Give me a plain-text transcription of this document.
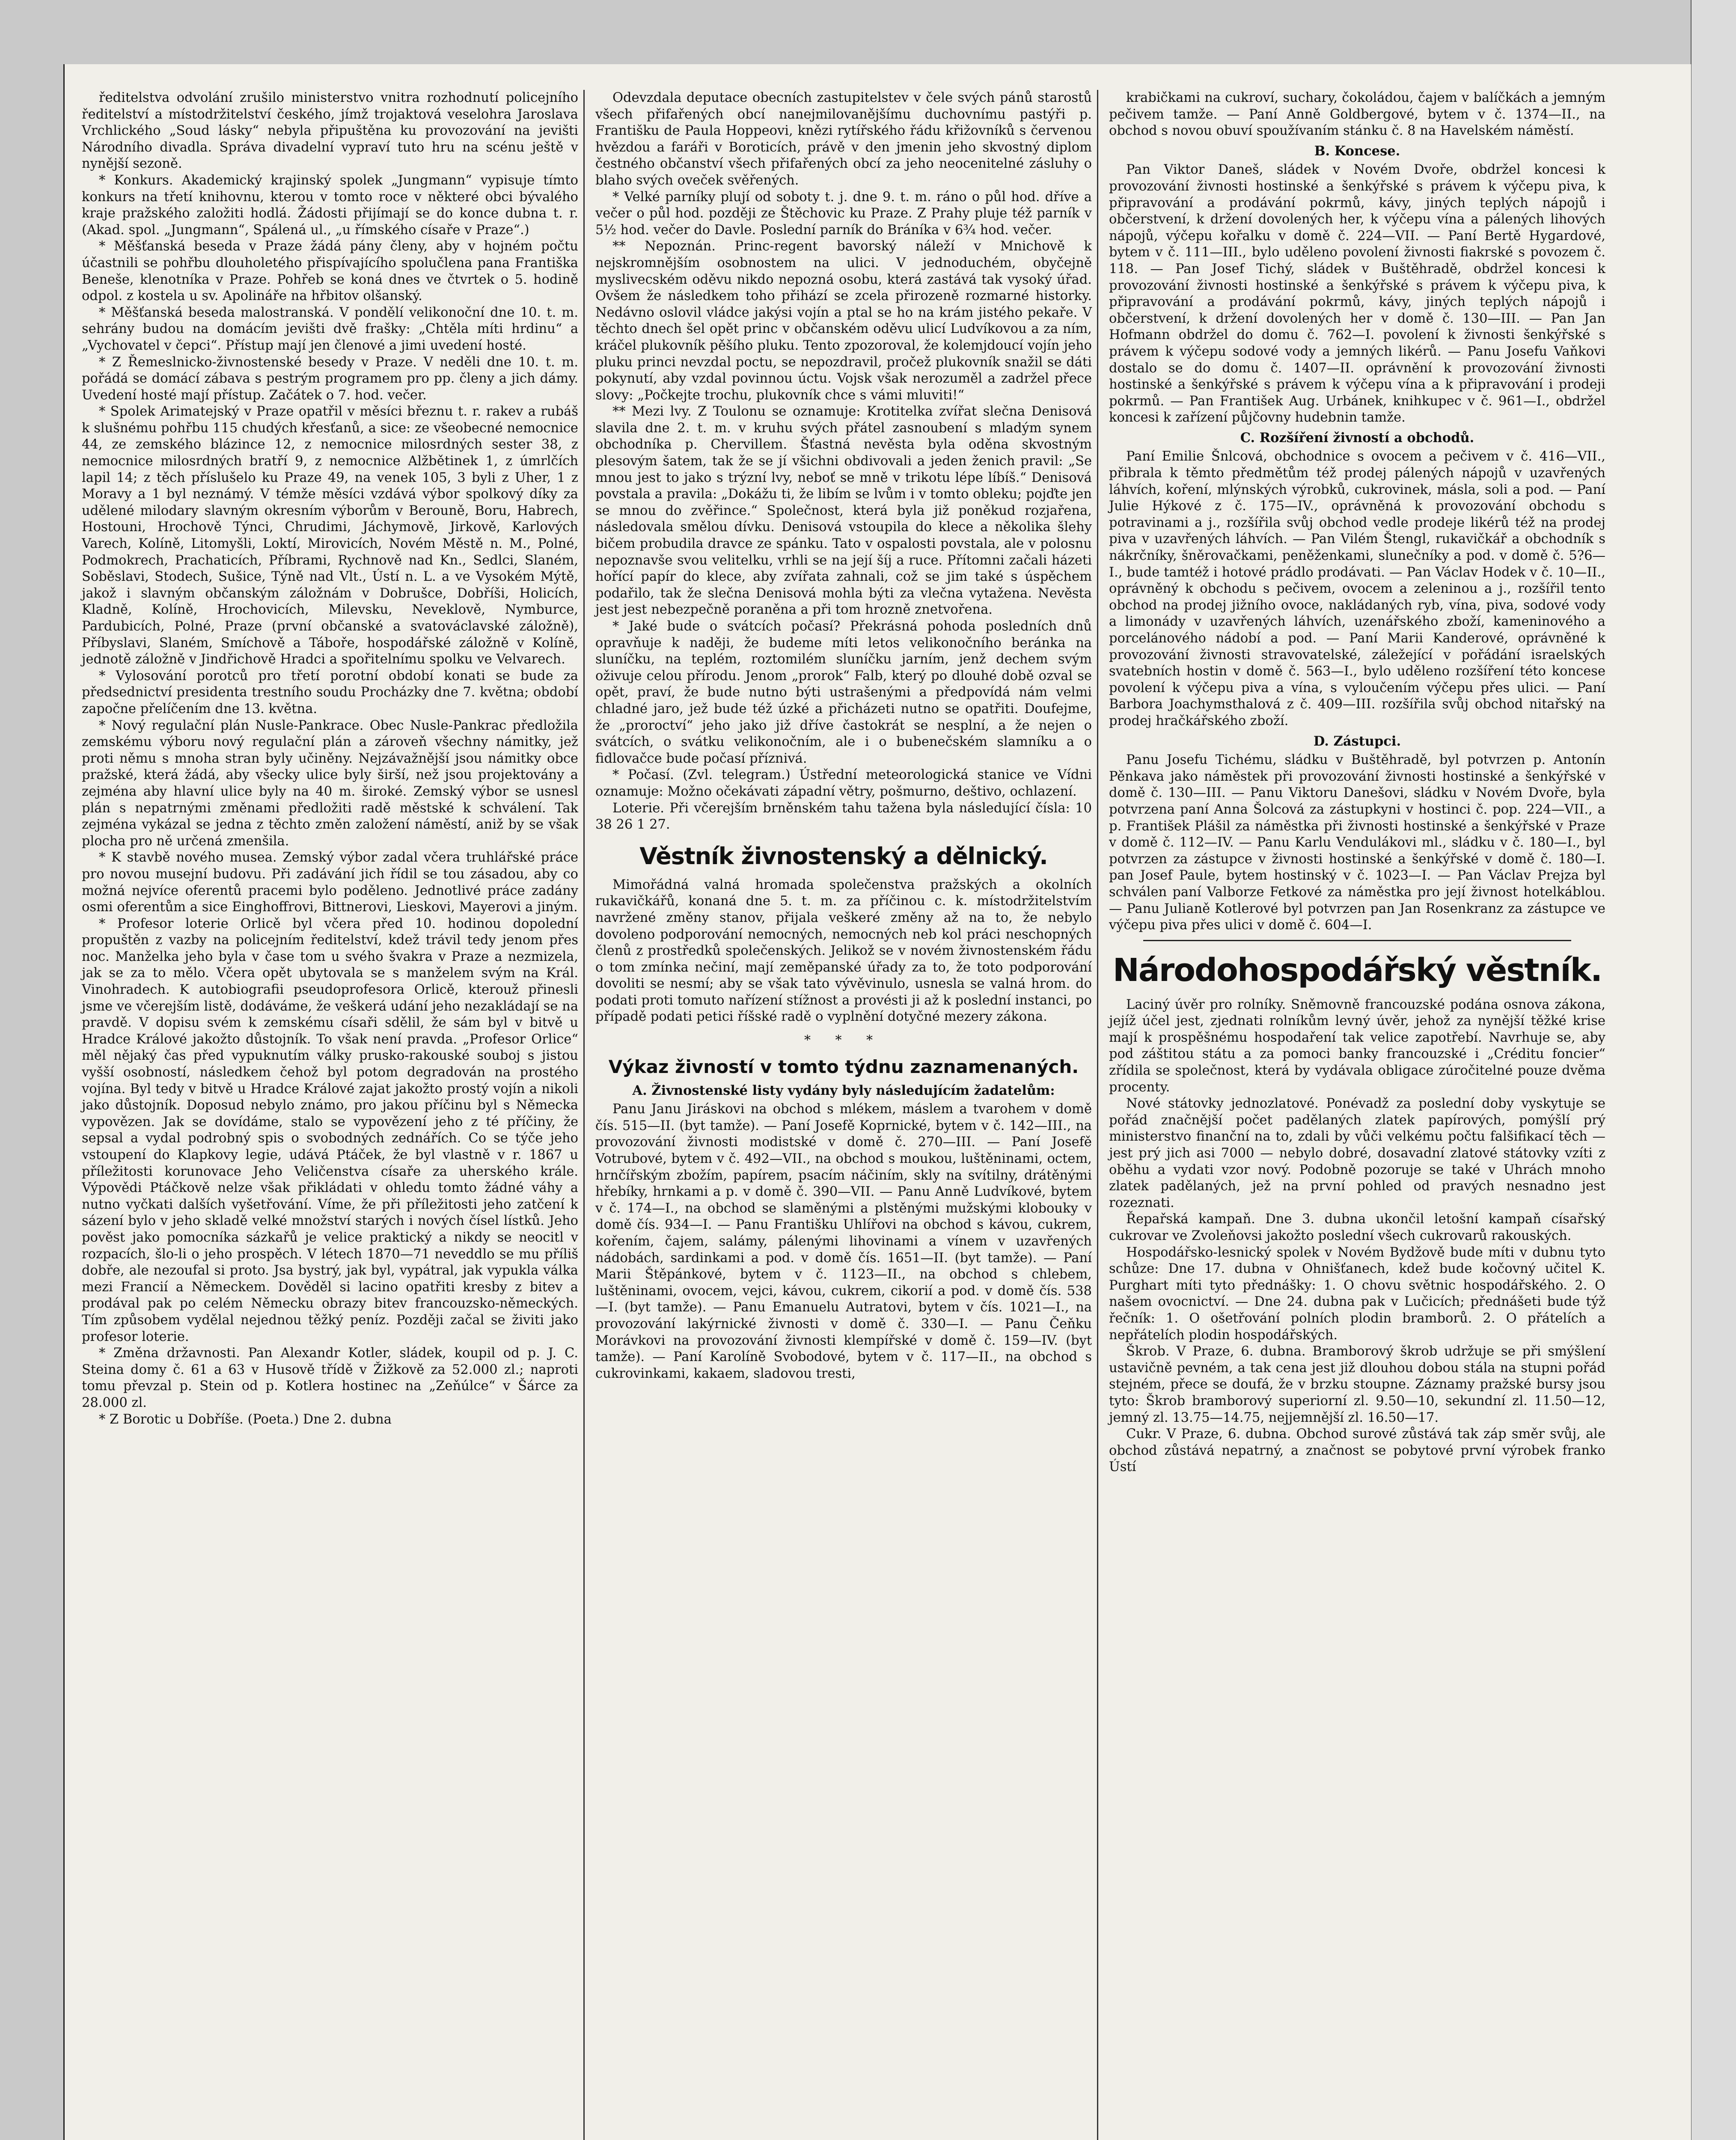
ředitelstva odvolání zrušilo ministerstvo vnitra rozhodnutí policejního ředitelství a místodržitelství českého, jímž trojaktová veselohra Jaroslava Vrchlického „Soud lásky“ nebyla připuštěna ku provozování na jevišti Národního divadla. Správa divadelní vypraví tuto hru na scénu ještě v nynější sezoně.

* Konkurs. Akademický krajinský spolek „Jungmann“ vypisuje tímto konkurs na třetí knihovnu, kterou v tomto roce v některé obci bývalého kraje pražského založiti hodlá. Žádosti přijímají se do konce dubna t. r. (Akad. spol. „Jungmann“, Spálená ul., „u římského císaře v Praze“.)

* Měšťanská beseda v Praze žádá pány členy, aby v hojném počtu účastnili se pohřbu dlouholetého přispívajícího spolučlena pana Františka Beneše, klenotníka v Praze. Pohřeb se koná dnes ve čtvrtek o 5. hodině odpol. z kostela u sv. Apolináře na hřbitov olšanský.

* Měšťanská beseda malostranská. V pondělí velikonoční dne 10. t. m. sehrány budou na domácím jevišti dvě frašky: „Chtěla míti hrdinu“ a „Vychovatel v čepci“. Přístup mají jen členové a jimi uvedení hosté.

* Z Řemeslnicko-živnostenské besedy v Praze. V neděli dne 10. t. m. pořádá se domácí zábava s pestrým programem pro pp. členy a jich dámy. Uvedení hosté mají přístup. Začátek o 7. hod. večer.

* Spolek Arimatejský v Praze opatřil v měsíci březnu t. r. rakev a rubáš k slušnému pohřbu 115 chudých křesťanů, a sice: ze všeobecné nemocnice 44, ze zemského blázince 12, z nemocnice milosrdných sester 38, z nemocnice milosrdných bratří 9, z nemocnice Alžbětinek 1, z úmrlčích lapil 14; z těch příslušelo ku Praze 49, na venek 105, 3 byli z Uher, 1 z Moravy a 1 byl neznámý. V témže měsíci vzdává výbor spolkový díky za udělené milodary slavným okresním výborům v Berouně, Boru, Habrech, Hostouni, Hrochově Týnci, Chrudimi, Jáchymově, Jirkově, Karlových Varech, Kolíně, Litomyšli, Loktí, Mirovicích, Novém Městě n. M., Polné, Podmokrech, Prachaticích, Příbrami, Rychnově nad Kn., Sedlci, Slaném, Soběslavi, Stodech, Sušice, Týně nad Vlt., Ústí n. L. a ve Vysokém Mýtě, jakož i slavným občanským záložnám v Dobrušce, Dobříši, Holicích, Kladně, Kolíně, Hrochovicích, Milevsku, Neveklově, Nymburce, Pardubicích, Polné, Praze (první občanské a svatováclavské záložně), Příbyslavi, Slaném, Smíchově a Táboře, hospodářské záložně v Kolíně, jednotě záložně v Jindřichově Hradci a spořitelnímu spolku ve Velvarech.

* Vylosování porotců pro třetí porotní období konati se bude za předsednictví presidenta trestního soudu Procházky dne 7. května; období započne přelíčením dne 13. května.

* Nový regulační plán Nusle-Pankrace. Obec Nusle-Pankrac předložila zemskému výboru nový regulační plán a zároveň všechny námitky, jež proti němu s mnoha stran byly učiněny. Nejzávažnější jsou námitky obce pražské, která žádá, aby všecky ulice byly širší, než jsou projektovány a zejména aby hlavní ulice byly na 40 m. široké. Zemský výbor se usnesl plán s nepatrnými změnami předložiti radě městské k schválení. Tak zejména vykázal se jedna z těchto změn založení náměstí, aniž by se však plocha pro ně určená zmenšila.

* K stavbě nového musea. Zemský výbor zadal včera truhlářské práce pro novou musejní budovu. Při zadávání jich řídil se tou zásadou, aby co možná nejvíce oferentů pracemi bylo poděleno. Jednotlivé práce zadány osmi oferentům a sice Einghoffrovi, Bittnerovi, Lieskovi, Mayerovi a jiným.

* Profesor loterie Orlicě byl včera před 10. hodinou dopolední propuštěn z vazby na policejním ředitelství, kdež trávil tedy jenom přes noc. Manželka jeho byla v čase tom u svého švakra v Praze a nezmizela, jak se za to mělo. Včera opět ubytovala se s manželem svým na Král. Vinohradech. K autobiografii pseudoprofesora Orlicě, kterouž přinesli jsme ve včerejším listě, dodáváme, že veškerá udání jeho nezakládají se na pravdě. V dopisu svém k zemskému císaři sdělil, že sám byl v bitvě u Hradce Králové jakožto důstojník. To však není pravda. „Profesor Orlice“ měl nějaký čas před vypuknutím války prusko-rakouské souboj s jistou vyšší osobností, následkem čehož byl potom degradován na prostého vojína. Byl tedy v bitvě u Hradce Králové zajat jakožto prostý vojín a nikoli jako důstojník. Doposud nebylo známo, pro jakou příčinu byl s Německa vypovězen. Jak se dovídáme, stalo se vypovězení jeho z té příčiny, že sepsal a vydal podrobný spis o svobodných zednářích. Co se týče jeho vstoupení do Klapkovy legie, udává Ptáček, že byl vlastně v r. 1867 u příležitosti korunovace Jeho Veličenstva císaře za uherského krále. Výpovědi Ptáčkově nelze však přikládati v ohledu tomto žádné váhy a nutno vyčkati dalších vyšetřování. Víme, že při příležitosti jeho zatčení k sázení bylo v jeho skladě velké množství starých i nových čísel lístků. Jeho pověst jako pomocníka sázkařů je velice praktický a nikdy se neocitl v rozpacích, šlo-li o jeho prospěch. V létech 1870—71 neveddlo se mu příliš dobře, ale nezoufal si proto. Jsa bystrý, jak byl, vypátral, jak vypukla válka mezi Francií a Německem. Dověděl si lacino opatřiti kresby z bitev a prodával pak po celém Německu obrazy bitev francouzsko-německých. Tím způsobem vydělal nejednou těžký peníz. Později začal se živiti jako profesor loterie.

* Změna državnosti. Pan Alexandr Kotler, sládek, koupil od p. J. C. Steina domy č. 61 a 63 v Husově třídě v Žižkově za 52.000 zl.; naproti tomu převzal p. Stein od p. Kotlera hostinec na „Zeňúlce“ v Šárce za 28.000 zl.

* Z Borotic u Dobříše. (Poeta.) Dne 2. dubna

Odevzdala deputace obecních zastupitelstev v čele svých pánů starostů všech přifařených obcí nanejmilovanějšímu duchovnímu pastýři p. Františku de Paula Hoppeovi, knězi rytířského řádu křižovníků s červenou hvězdou a faráři v Boroticích, právě v den jmenin jeho skvostný diplom čestného občanství všech přifařených obcí za jeho neocenitelné zásluhy o blaho svých oveček svěřených.

* Velké parníky plují od soboty t. j. dne 9. t. m. ráno o půl hod. dříve a večer o půl hod. později ze Štěchovic ku Praze. Z Prahy pluje též parník v 5½ hod. večer do Davle. Poslední parník do Bráníka v 6¾ hod. večer.

** Nepoznán. Princ-regent bavorský náleží v Mnichově k nejskromnějším osobnostem na ulici. V jednoduchém, obyčejně myslivecském oděvu nikdo nepozná osobu, která zastává tak vysoký úřad. Ovšem že následkem toho přihází se zcela přirozeně rozmarné historky. Nedávno oslovil vládce jakýsi vojín a ptal se ho na krám jistého pekaře. V těchto dnech šel opět princ v občanském oděvu ulicí Ludvíkovou a za ním, kráčel plukovník pěšího pluku. Tento zpozoroval, že kolemjdoucí vojín jeho pluku princi nevzdal poctu, se nepozdravil, pročež plukovník snažil se dáti pokynutí, aby vzdal povinnou úctu. Vojsk však nerozuměl a zadržel přece slovy: „Počkejte trochu, plukovník chce s vámi mluviti!“

** Mezi lvy. Z Toulonu se oznamuje: Krotitelka zvířat slečna Denisová slavila dne 2. t. m. v kruhu svých přátel zasnoubení s mladým synem obchodníka p. Chervillem. Šťastná nevěsta byla oděna skvostným plesovým šatem, tak že se jí všichni obdivovali a jeden ženich pravil: „Se mnou jest to jako s trýzní lvy, neboť se mně v trikotu lépe líbíš.“ Denisová povstala a pravila: „Dokážu ti, že libím se lvům i v tomto obleku; pojďte jen se mnou do zvěřince.“ Společnost, která byla již poněkud rozjařena, následovala smělou dívku. Denisová vstoupila do klece a několika šlehy bičem probudila dravce ze spánku. Tato v ospalosti povstala, ale v polosnu nepoznavše svou velitelku, vrhli se na její šíj a ruce. Přítomni začali házeti hořící papír do klece, aby zvířata zahnali, což se jim také s úspěchem podařilo, tak že slečna Denisová mohla býti za vlečna vytažena. Nevěsta jest jest nebezpečně poraněna a při tom hrozně znetvořena.

* Jaké bude o svátcích počasí? Překrásná pohoda posledních dnů opravňuje k naději, že budeme míti letos velikonočního beránka na sluníčku, na teplém, roztomilém sluníčku jarním, jenž dechem svým oživuje celou přírodu. Jenom „prorok“ Falb, který po dlouhé době ozval se opět, praví, že bude nutno býti ustrašenými a předpovídá nám velmi chladné jaro, jež bude též úzké a přicházeti nutno se opatřiti. Doufejme, že „proroctví“ jeho jako již dříve častokrát se nesplní, a že nejen o svátcích, o svátku velikonočním, ale i o bubenečském slamníku a o fidlovačce bude počasí příznivá.

* Počasí. (Zvl. telegram.) Ústřední meteorologická stanice ve Vídni oznamuje: Možno očekávati západní větry, pošmurno, deštivo, ochlazení.

Loterie. Při včerejším brněnském tahu tažena byla následující čísla: 10 38 26 1 27.

Věstník živnostenský a dělnický.

Mimořádná valná hromada společenstva pražských a okolních rukavičkářů, konaná dne 5. t. m. za příčinou c. k. místodržitelstvím navržené změny stanov, přijala veškeré změny až na to, že nebylo dovoleno podporování nemocných, nemocných neb kol práci neschopných členů z prostředků společenských. Jelikož se v novém živnostenském řádu o tom zmínka nečiní, mají zeměpanské úřady za to, že toto podporování dovoliti se nesmí; aby se však tato vývěvinulo, usnesla se valná hrom. do podati proti tomuto nařízení stížnost a provésti ji až k poslední instanci, po případě podati petici říšské radě o vyplnění dotyčné mezery zákona.

* * *
Výkaz živností v tomto týdnu zaznamenaných.
A. Živnostenské listy vydány byly následujícím žadatelům:

Panu Janu Jiráskovi na obchod s mlékem, máslem a tvarohem v domě čís. 515—II. (byt tamže). — Paní Josefě Koprnické, bytem v č. 142—III., na provozování živnosti modistské v domě č. 270—III. — Paní Josefě Votrubové, bytem v č. 492—VII., na obchod s moukou, luštěninami, octem, hrnčířským zbožím, papírem, psacím náčiním, skly na svítilny, drátěnými hřebíky, hrnkami a p. v domě č. 390—VII. — Panu Anně Ludvíkové, bytem v č. 174—I., na obchod se slaměnými a plstěnými mužskými klobouky v domě čís. 934—I. — Panu Františku Uhlířovi na obchod s kávou, cukrem, kořením, čajem, salámy, pálenými lihovinami a vínem v uzavřených nádobách, sardinkami a pod. v domě čís. 1651—II. (byt tamže). — Paní Marii Štěpánkové, bytem v č. 1123—II., na obchod s chlebem, luštěninami, ovocem, vejci, kávou, cukrem, cikorií a pod. v domě čís. 538—I. (byt tamže). — Panu Emanuelu Autratovi, bytem v čís. 1021—I., na provozování lakýrnické živnosti v domě č. 330—I. — Panu Čeňku Morávkovi na provozování živnosti klempířské v domě č. 159—IV. (byt tamže). — Paní Karolíně Svobodové, bytem v č. 117—II., na obchod s cukrovinkami, kakaem, sladovou tresti,

krabičkami na cukroví, suchary, čokoládou, čajem v balíčkách a jemným pečivem tamže. — Paní Anně Goldbergové, bytem v č. 1374—II., na obchod s novou obuví spoužívaním stánku č. 8 na Havelském náměstí.

B. Koncese.

Pan Viktor Daneš, sládek v Novém Dvoře, obdržel koncesi k provozování živnosti hostinské a šenkýřské s právem k výčepu piva, k připravování a prodávání pokrmů, kávy, jiných teplých nápojů i občerstvení, k držení dovolených her, k výčepu vína a pálených lihových nápojů, výčepu kořalku v domě č. 224—VII. — Paní Bertě Hygardové, bytem v č. 111—III., bylo uděleno povolení živnosti fiakrské s povozem č. 118. — Pan Josef Tichý, sládek v Buštěhradě, obdržel koncesi k provozování živnosti hostinské a šenkýřské s právem k výčepu piva, k připravování a prodávání pokrmů, kávy, jiných teplých nápojů i občerstvení, k držení dovolených her v domě č. 130—III. — Pan Jan Hofmann obdržel do domu č. 762—I. povolení k živnosti šenkýřské s právem k výčepu sodové vody a jemných likérů. — Panu Josefu Vaňkovi dostalo se do domu č. 1407—II. oprávnění k provozování živnosti hostinské a šenkýřské s právem k výčepu vína a k připravování i prodeji pokrmů. — Pan František Aug. Urbánek, knihkupec v č. 961—I., obdržel koncesi k zařízení půjčovny hudebnin tamže.

C. Rozšíření živností a obchodů.

Paní Emilie Šnlcová, obchodnice s ovocem a pečivem v č. 416—VII., přibrala k těmto předmětům též prodej pálených nápojů v uzavřených láhvích, koření, mlýnských výrobků, cukrovinek, másla, soli a pod. — Paní Julie Hýkové z č. 175—IV., oprávněná k provozování obchodu s potravinami a j., rozšířila svůj obchod vedle prodeje likérů též na prodej piva v uzavřených láhvích. — Pan Vilém Štengl, rukavičkář a obchodník s nákrčníky, šněrovačkami, peněženkami, slunečníky a pod. v domě č. 5?6—I., bude tamtéž i hotové prádlo prodávati. — Pan Václav Hodek v č. 10—II., oprávněný k obchodu s pečivem, ovocem a zeleninou a j., rozšířil tento obchod na prodej jižního ovoce, nakládaných ryb, vína, piva, sodové vody a limonády v uzavřených láhvích, uzenářského zboží, kameninového a porcelánového nádobí a pod. — Paní Marii Kanderové, oprávněné k provozování živnosti stravovatelské, záležející v pořádání israelských svatebních hostin v domě č. 563—I., bylo uděleno rozšíření této koncese povolení k výčepu piva a vína, s vyloučením výčepu přes ulici. — Paní Barbora Joachymsthalová z č. 409—III. rozšířila svůj obchod nitařský na prodej hračkářského zboží.

D. Zástupci.

Panu Josefu Tichému, sládku v Buštěhradě, byl potvrzen p. Antonín Pěnkava jako náměstek při provozování živnosti hostinské a šenkýřské v domě č. 130—III. — Panu Viktoru Danešovi, sládku v Novém Dvoře, byla potvrzena paní Anna Šolcová za zástupkyni v hostinci č. pop. 224—VII., a p. František Plášil za náměstka při živnosti hostinské a šenkýřské v Praze v domě č. 112—IV. — Panu Karlu Vendulákovi ml., sládku v č. 180—I., byl potvrzen za zástupce v živnosti hostinské a šenkýřské v domě č. 180—I. pan Josef Paule, bytem hostinský v č. 1023—I. — Pan Václav Prejza byl schválen paní Valborze Fetkové za náměstka pro její živnost hotelkáblou. — Panu Julianě Kotlerové byl potvrzen pan Jan Rosenkranz za zástupce ve výčepu piva přes ulici v domě č. 604—I.

Národohospodářský věstník.

Laciný úvěr pro rolníky. Sněmovně francouzské podána osnova zákona, jejíž účel jest, zjednati rolníkům levný úvěr, jehož za nynější těžké krise mají k prospěšnému hospodaření tak velice zapotřebí. Navrhuje se, aby pod záštitou státu a za pomoci banky francouzské i „Créditu foncier“ zřídila se společnost, která by vydávala obligace zúročitelné pouze dvěma procenty.

Nové státovky jednozlatové. Ponévadž za poslední doby vyskytuje se pořád značnější počet padělaných zlatek papírových, pomýšlí prý ministerstvo finanční na to, zdali by vůči velkému počtu falšifikací těch — jest prý jich asi 7000 — nebylo dobré, dosavadní zlatové státovky vzíti z oběhu a vydati vzor nový. Podobně pozoruje se také v Uhrách mnoho zlatek padělaných, jež na první pohled od pravých nesnadno jest rozeznati.

Řepařská kampaň. Dne 3. dubna ukončil letošní kampaň císařský cukrovar ve Zvoleňovsi jakožto poslední všech cukrovarů rakouských.

Hospodářsko-lesnický spolek v Novém Bydžově bude míti v dubnu tyto schůze: Dne 17. dubna v Ohnišťanech, kdež bude kočovný učitel K. Purghart míti tyto přednášky: 1. O chovu světnic hospodářského. 2. O našem ovocnictví. — Dne 24. dubna pak v Lučicích; přednášeti bude týž řečník: 1. O ošetřování polních plodin bramborů. 2. O přátelích a nepřátelích plodin hospodářských.

Škrob. V Praze, 6. dubna. Bramborový škrob udržuje se při smýšlení ustavičně pevném, a tak cena jest již dlouhou dobou stála na stupni pořád stejném, přece se doufá, že v brzku stoupne. Záznamy pražské bursy jsou tyto: Škrob bramborový superiorní zl. 9.50—10, sekundní zl. 11.50—12, jemný zl. 13.75—14.75, nejjemnější zl. 16.50—17.

Cukr. V Praze, 6. dubna. Obchod surové zůstává tak záp směr svůj, ale obchod zůstává nepatrný, a značnost se pobytové první výrobek franko Ústí
